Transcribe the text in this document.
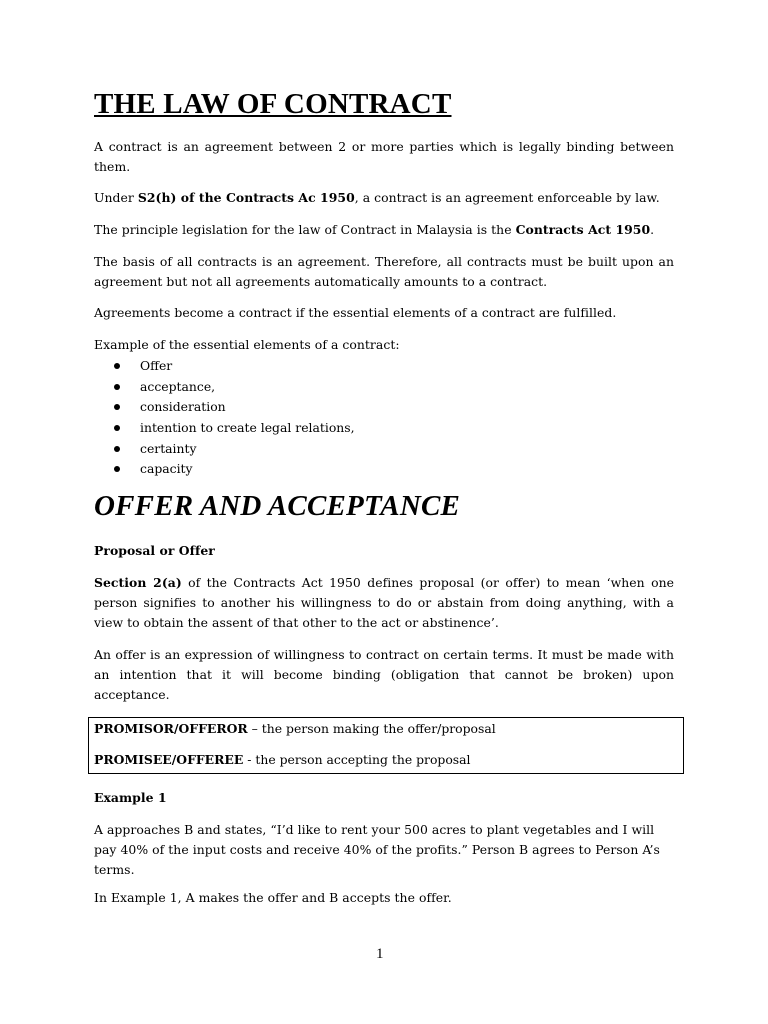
THE LAW OF CONTRACT
A contract is an agreement between 2 or more parties which is legally binding between them.
Under S2(h) of the Contracts Ac 1950, a contract is an agreement enforceable by law.
The principle legislation for the law of Contract in Malaysia is the Contracts Act 1950.
The basis of all contracts is an agreement. Therefore, all contracts must be built upon an agreement but not all agreements automatically amounts to a contract.
Agreements become a contract if the essential elements of a contract are fulfilled.
Example of the essential elements of a contract:
Offer
acceptance,
consideration
intention to create legal relations,
certainty
capacity
OFFER AND ACCEPTANCE
Proposal or Offer
Section 2(a) of the Contracts Act 1950 defines proposal (or offer) to mean ‘when one person signifies to another his willingness to do or abstain from doing anything, with a view to obtain the assent of that other to the act or abstinence’.
An offer is an expression of willingness to contract on certain terms. It must be made with an intention that it will become binding (obligation that cannot be broken) upon acceptance.
PROMISOR/OFFEROR – the person making the offer/proposal
PROMISEE/OFFEREE - the person accepting the proposal
Example 1
A approaches B and states, “I’d like to rent your 500 acres to plant vegetables and I will pay 40% of the input costs and receive 40% of the profits.” Person B agrees to Person A’s terms.
In Example 1, A makes the offer and B accepts the offer.
1
